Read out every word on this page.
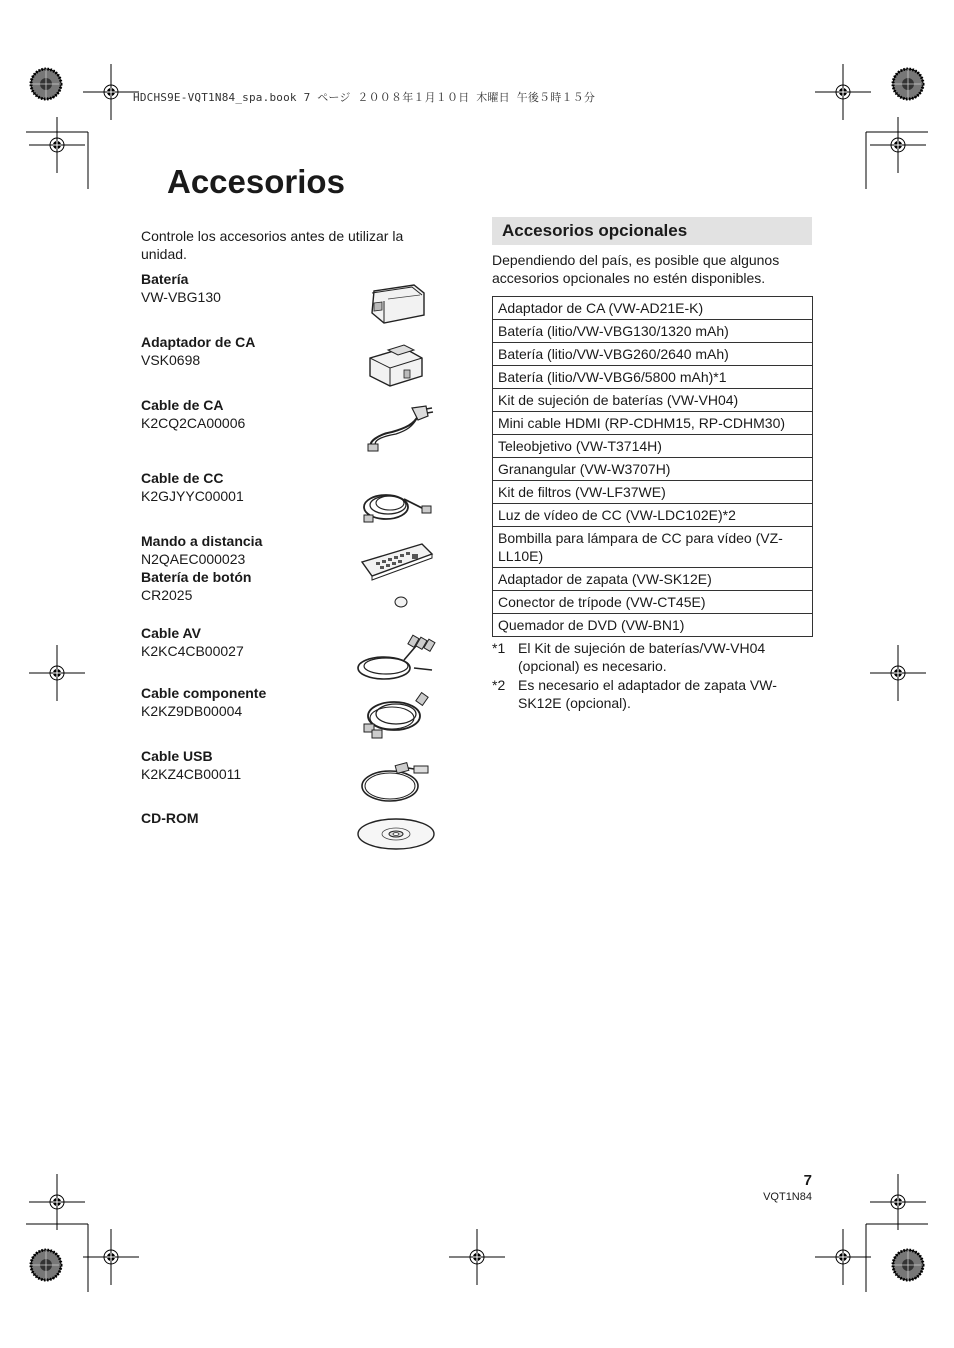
HDCHS9E-VQT1N84_spa.book 7 ページ ２００８年１月１０日 木曜日 午後５時１５分
Accesorios
Controle los accesorios antes de utilizar la unidad.
Batería
VW-VBG130
Adaptador de CA
VSK0698
Cable de CA
K2CQ2CA00006
Cable de CC
K2GJYYC00001
Mando a distancia
N2QAEC000023
Batería de botón
CR2025
Cable AV
K2KC4CB00027
Cable componente
K2KZ9DB00004
Cable USB
K2KZ4CB00011
CD-ROM
Accesorios opcionales
Dependiendo del país, es posible que algunos accesorios opcionales no estén disponibles.
Adaptador de CA (VW-AD21E-K)
Batería (litio/VW-VBG130/1320 mAh)
Batería (litio/VW-VBG260/2640 mAh)
Batería (litio/VW-VBG6/5800 mAh)*1
Kit de sujeción de baterías (VW-VH04)
Mini cable HDMI (RP-CDHM15, RP-CDHM30)
Teleobjetivo (VW-T3714H)
Granangular (VW-W3707H)
Kit de filtros (VW-LF37WE)
Luz de vídeo de CC (VW-LDC102E)*2
Bombilla para lámpara de CC para vídeo (VZ-LL10E)
Adaptador de zapata (VW-SK12E)
Conector de trípode (VW-CT45E)
Quemador de DVD (VW-BN1)
*1 El Kit de sujeción de baterías/VW-VH04 (opcional) es necesario.
*2 Es necesario el adaptador de zapata VW-SK12E (opcional).
7
VQT1N84
